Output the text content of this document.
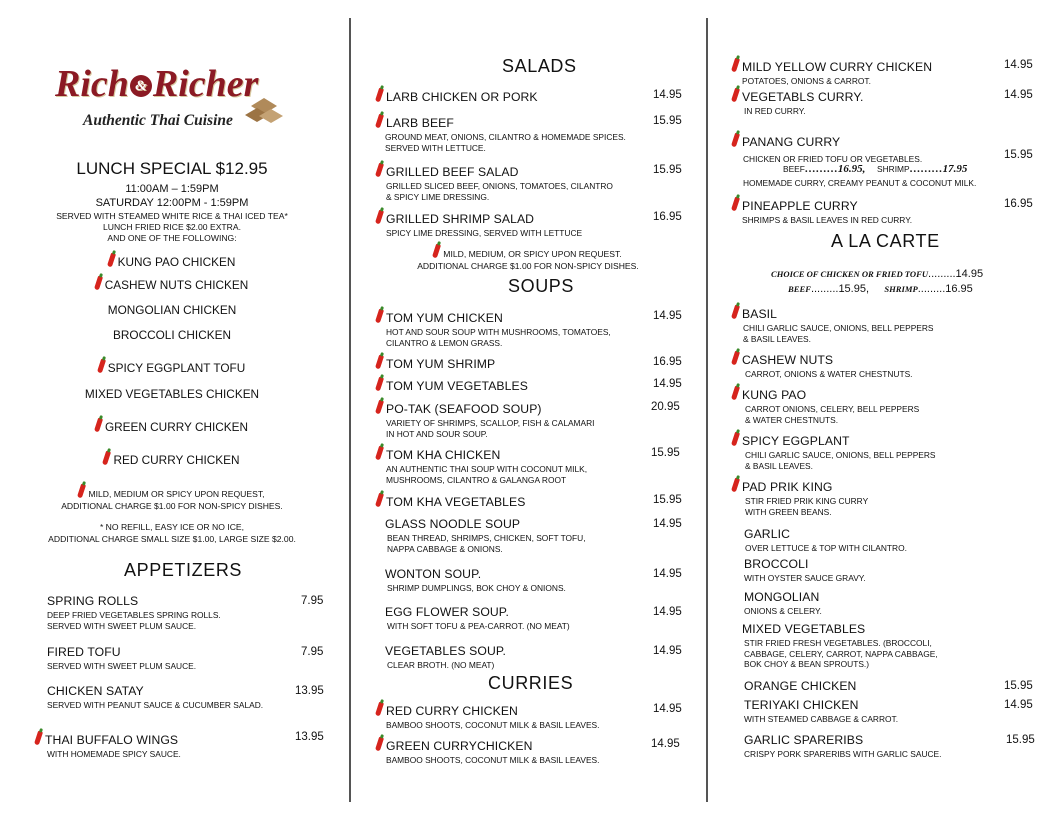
Rich & Richer
Authentic Thai Cuisine
LUNCH SPECIAL $12.95
11:00AM – 1:59PM
SATURDAY 12:00PM - 1:59PM
SERVED WITH STEAMED WHITE RICE & THAI ICED TEA*
LUNCH FRIED RICE $2.00 EXTRA.
AND ONE OF THE FOLLOWING:
KUNG PAO CHICKEN
CASHEW NUTS CHICKEN
MONGOLIAN CHICKEN
BROCCOLI CHICKEN
SPICY EGGPLANT TOFU
MIXED VEGETABLES CHICKEN
GREEN CURRY CHICKEN
RED CURRY CHICKEN
MILD, MEDIUM OR SPICY UPON REQUEST,
ADDITIONAL CHARGE $1.00 FOR NON-SPICY DISHES.
* NO REFILL, EASY ICE OR NO ICE,
ADDITIONAL CHARGE SMALL SIZE $1.00, LARGE SIZE $2.00.
APPETIZERS
SPRING ROLLS
DEEP FRIED VEGETABLES SPRING ROLLS.
SERVED WITH SWEET PLUM SAUCE.
7.95
FIRED TOFU
SERVED WITH SWEET PLUM SAUCE.
7.95
CHICKEN SATAY
SERVED WITH PEANUT SAUCE & CUCUMBER SALAD.
13.95
THAI BUFFALO WINGS
WITH HOMEMADE SPICY SAUCE.
13.95
SALADS
LARB CHICKEN OR PORK	14.95
LARB BEEF
GROUND MEAT, ONIONS, CILANTRO & HOMEMADE SPICES.
SERVED WITH LETTUCE.
15.95
GRILLED BEEF SALAD
GRILLED SLICED BEEF, ONIONS, TOMATOES, CILANTRO
& SPICY LIME DRESSING.
15.95
GRILLED SHRIMP SALAD
SPICY LIME DRESSING, SERVED WITH LETTUCE
16.95
MILD, MEDIUM, OR SPICY UPON REQUEST.
ADDITIONAL CHARGE $1.00 FOR NON-SPICY DISHES.
SOUPS
TOM YUM CHICKEN
HOT AND SOUR SOUP WITH MUSHROOMS, TOMATOES,
CILANTRO & LEMON GRASS.
14.95
TOM YUM SHRIMP	16.95
TOM YUM VEGETABLES	14.95
PO-TAK (SEAFOOD SOUP)
VARIETY OF SHRIMPS, SCALLOP, FISH & CALAMARI
IN HOT AND SOUR SOUP.
20.95
TOM KHA CHICKEN
AN AUTHENTIC THAI SOUP WITH COCONUT MILK,
MUSHROOMS, CILANTRO & GALANGA ROOT
15.95
TOM KHA VEGETABLES	15.95
GLASS NOODLE SOUP
BEAN THREAD, SHRIMPS, CHICKEN, SOFT TOFU,
NAPPA CABBAGE & ONIONS.
14.95
WONTON SOUP.
SHRIMP DUMPLINGS, BOK CHOY & ONIONS.
14.95
EGG FLOWER SOUP.
WITH SOFT TOFU & PEA-CARROT. (NO MEAT)
14.95
VEGETABLES SOUP.
CLEAR BROTH. (NO MEAT)
14.95
CURRIES
RED CURRY CHICKEN
BAMBOO SHOOTS, COCONUT MILK & BASIL LEAVES.
14.95
GREEN CURRYCHICKEN
BAMBOO SHOOTS, COCONUT MILK & BASIL LEAVES.
14.95
MILD YELLOW CURRY CHICKEN
POTATOES, ONIONS & CARROT.
14.95
VEGETABLS CURRY.
IN RED CURRY.
14.95
PANANG CURRY
CHICKEN OR FRIED TOFU OR VEGETABLES.	15.95
BEEF………16.95, SHRIMP………17.95
HOMEMADE CURRY, CREAMY PEANUT & COCONUT MILK.
PINEAPPLE CURRY
SHRIMPS & BASIL LEAVES IN RED CURRY.
16.95
A LA CARTE
CHOICE OF CHICKEN OR FRIED TOFU.........14.95
BEEF.........15.95, SHRIMP.........16.95
BASIL
CHILI GARLIC SAUCE, ONIONS, BELL PEPPERS
& BASIL LEAVES.
CASHEW NUTS
CARROT, ONIONS & WATER CHESTNUTS.
KUNG PAO
CARROT ONIONS, CELERY, BELL PEPPERS
& WATER CHESTNUTS.
SPICY EGGPLANT
CHILI GARLIC SAUCE, ONIONS, BELL PEPPERS
& BASIL LEAVES.
PAD PRIK KING
STIR FRIED PRIK KING CURRY
WITH GREEN BEANS.
GARLIC
OVER LETTUCE & TOP WITH CILANTRO.
BROCCOLI
WITH OYSTER SAUCE GRAVY.
MONGOLIAN
ONIONS & CELERY.
MIXED VEGETABLES
STIR FRIED FRESH VEGETABLES. (BROCCOLI,
CABBAGE, CELERY, CARROT, NAPPA CABBAGE,
BOK CHOY & BEAN SPROUTS.)
ORANGE CHICKEN	15.95
TERIYAKI CHICKEN
WITH STEAMED CABBAGE & CARROT.
14.95
GARLIC SPARERIBS
CRISPY PORK SPARERIBS WITH GARLIC SAUCE.
15.95
